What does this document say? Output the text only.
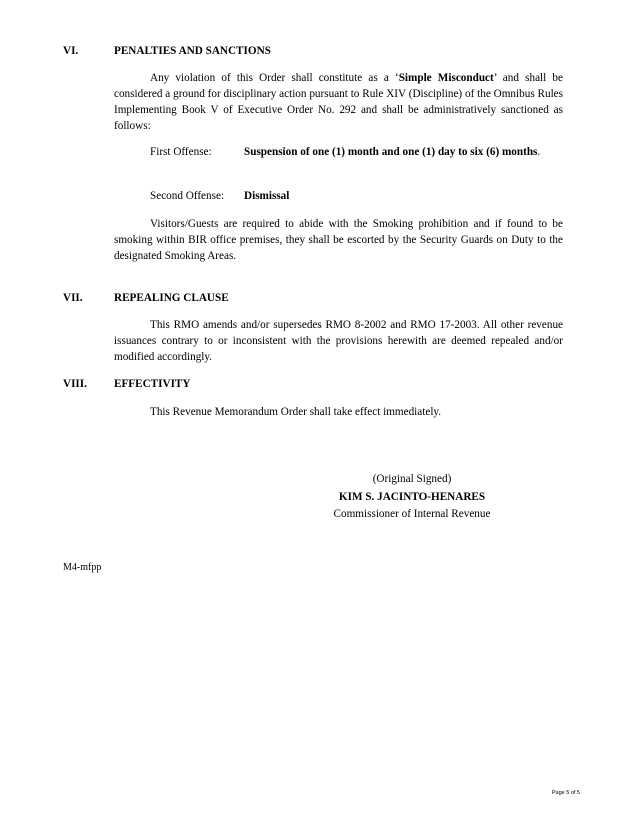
VI.	PENALTIES AND SANCTIONS

Any violation of this Order shall constitute as a ‘Simple Misconduct’ and shall be considered a ground for disciplinary action pursuant to Rule XIV (Discipline) of the Omnibus Rules Implementing Book V of Executive Order No. 292 and shall be administratively sanctioned as follows:

First Offense:	Suspension of one (1) month and one (1) day to six (6) months.
Second Offense: Dismissal

Visitors/Guests are required to abide with the Smoking prohibition and if found to be smoking within BIR office premises, they shall be escorted by the Security Guards on Duty to the designated Smoking Areas.

VII.	REPEALING CLAUSE

This RMO amends and/or supersedes RMO 8-2002 and RMO 17-2003. All other revenue issuances contrary to or inconsistent with the provisions herewith are deemed repealed and/or modified accordingly.

VIII. EFFECTIVITY

This Revenue Memorandum Order shall take effect immediately.

(Original Signed)
KIM S. JACINTO-HENARES
Commissioner of Internal Revenue
M4-mfpp
Page 5 of 5
